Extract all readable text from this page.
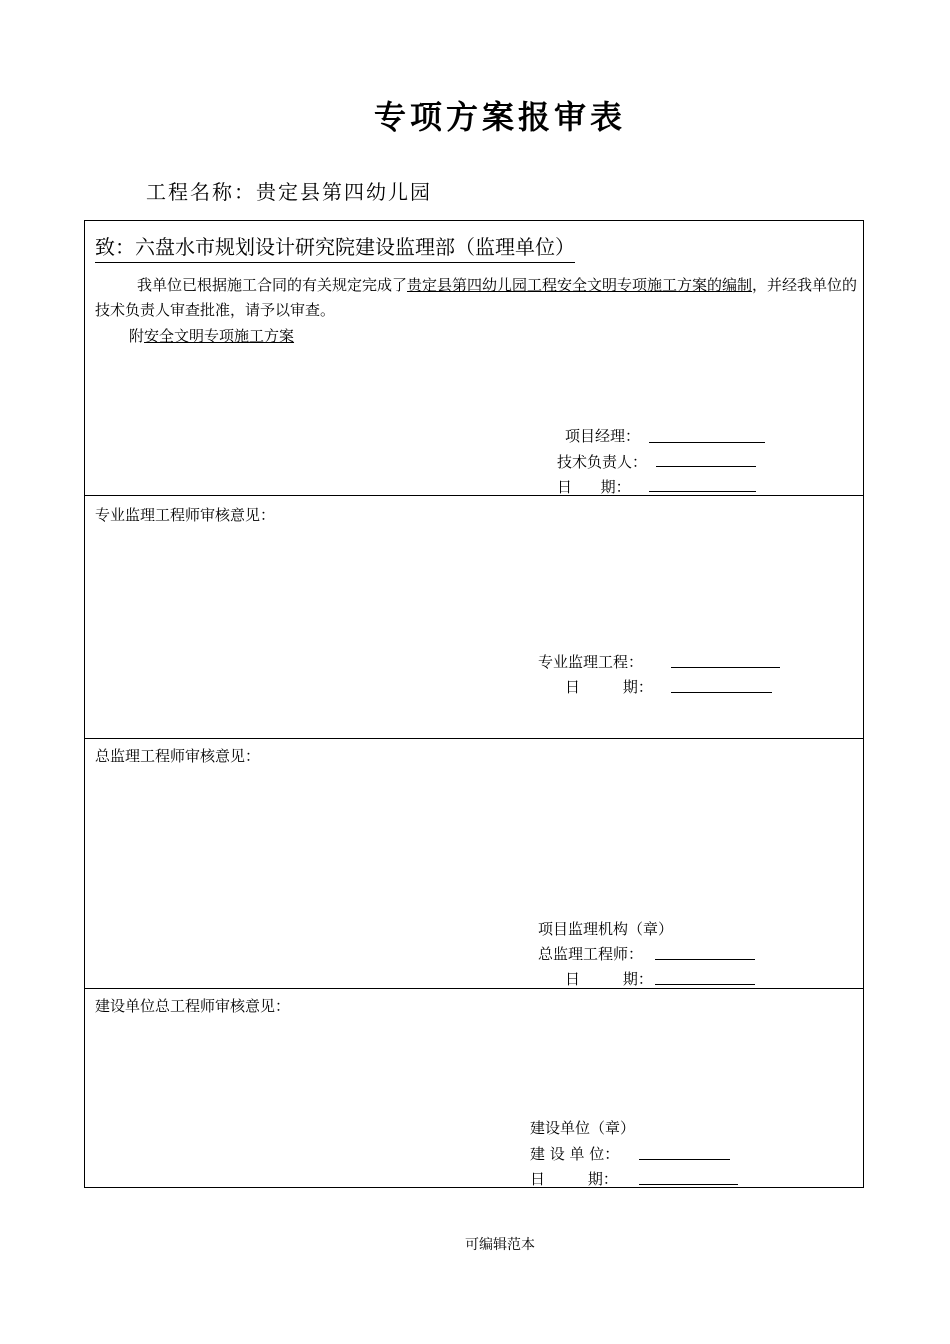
专项方案报审表
工程名称：贵定县第四幼儿园
致：六盘水市规划设计研究院建设监理部（监理单位）
我单位已根据施工合同的有关规定完成了贵定县第四幼儿园工程安全文明专项施工方案的编制，并经我单位的技术负责人审查批准，请予以审查。
附安全文明专项施工方案
项目经理：
技术负责人：
日      期：
专业监理工程师审核意见：
专业监理工程：
日         期：
总监理工程师审核意见：
项目监理机构（章）
总监理工程师：
日         期：
建设单位总工程师审核意见：
建设单位（章）
建 设 单 位：
日         期：
可编辑范本
